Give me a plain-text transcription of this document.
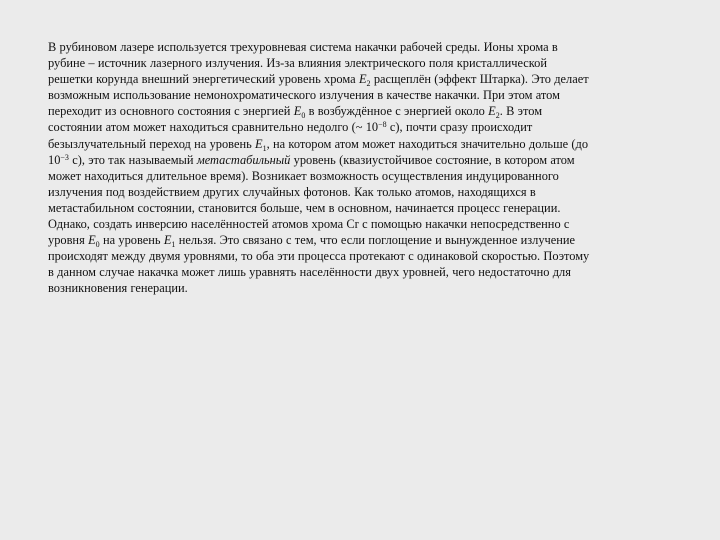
В рубиновом лазере используется трехуровневая система накачки рабочей среды. Ионы хрома в
рубине – источник лазерного излучения. Из-за влияния электрического поля кристаллической
решетки корунда внешний энергетический уровень хрома $E_2$ расщеплён (эффект Штарка). Это делает
возможным использование немонохроматического излучения в качестве накачки. При этом атом
переходит из основного состояния с энергией $E_0$ в возбуждённое с энергией около $E_2$. В этом
состоянии атом может находиться сравнительно недолго (~ $10^{-8}$ с), почти сразу происходит
безызлучательный переход на уровень $E_1$, на котором атом может находиться значительно дольше (до
$10^{-3}$ с), это так называемый метастабильный уровень (квазиустойчивое состояние, в котором атом
может находиться длительное время). Возникает возможность осуществления индуцированного
излучения под воздействием других случайных фотонов. Как только атомов, находящихся в
метастабильном состоянии, становится больше, чем в основном, начинается процесс генерации.
Однако, создать инверсию населённостей атомов хрома Cr с помощью накачки непосредственно с
уровня $E_0$ на уровень $E_1$ нельзя. Это связано с тем, что если поглощение и вынужденное излучение
происходят между двумя уровнями, то оба эти процесса протекают с одинаковой скоростью. Поэтому
в данном случае накачка может лишь уравнять населённости двух уровней, чего недостаточно для
возникновения генерации.
